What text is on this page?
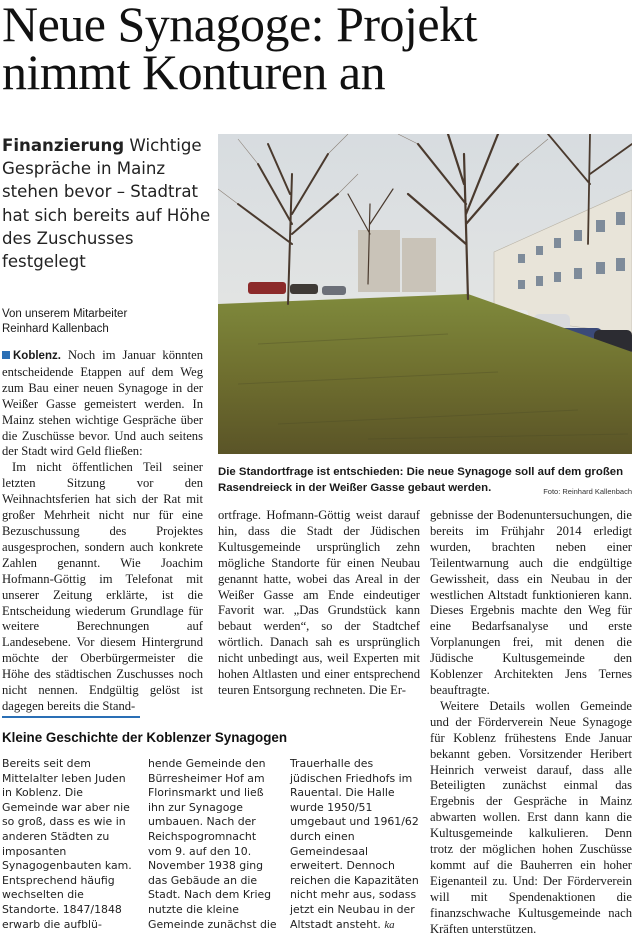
Neue Synagoge: Projekt
nimmt Konturen an
Finanzierung Wichtige Gespräche in Mainz stehen bevor – Stadtrat hat sich bereits auf Höhe des Zuschusses festgelegt
Von unserem Mitarbeiter
Reinhard Kallenbach

Koblenz. Noch im Januar könnten entscheidende Etappen auf dem Weg zum Bau einer neuen Synagoge in der Weißer Gasse gemeistert werden. In Mainz stehen wichtige Gespräche über die Zuschüsse bevor. Und auch seitens der Stadt wird Geld fließen:

Im nicht öffentlichen Teil seiner letzten Sitzung vor den Weihnachtsferien hat sich der Rat mit großer Mehrheit nicht nur für eine Bezuschussung des Projektes ausgesprochen, sondern auch konkrete Zahlen genannt. Wie Joachim Hofmann-Göttig im Telefonat mit unserer Zeitung erklärte, ist die Entscheidung wiederum Grundlage für weitere Berechnungen auf Landesebene. Vor diesem Hintergrund möchte der Oberbürgermeister die Höhe des städtischen Zuschusses noch nicht nennen. Endgültig gelöst ist dagegen bereits die Stand-

Die Standortfrage ist entschieden: Die neue Synagoge soll auf dem großen Rasendreieck in der Weißer Gasse gebaut werden.	Foto: Reinhard Kallenbach

ortfrage. Hofmann-Göttig weist darauf hin, dass die Stadt der Jüdischen Kultusgemeinde ursprünglich zehn mögliche Standorte für einen Neubau genannt hatte, wobei das Areal in der Weißer Gasse am Ende eindeutiger Favorit war. „Das Grundstück kann bebaut werden“, so der Stadtchef wörtlich. Danach sah es ursprünglich nicht unbedingt aus, weil Experten mit hohen Altlasten und einer entsprechend teuren Entsorgung rechneten. Die Er-

gebnisse der Bodenuntersuchungen, die bereits im Frühjahr 2014 erledigt wurden, brachten neben einer Teilentwarnung auch die endgültige Gewissheit, dass ein Neubau in der westlichen Altstadt funktionieren kann. Dieses Ergebnis machte den Weg für eine Bedarfsanalyse und erste Vorplanungen frei, mit denen die Jüdische Kultusgemeinde den Koblenzer Architekten Jens Ternes beauftragte.

Weitere Details wollen Gemeinde und der Förderverein Neue Synagoge für Koblenz frühestens Ende Januar bekannt geben. Vorsitzender Heribert Heinrich verweist darauf, dass alle Beteiligten zunächst einmal das Ergebnis der Gespräche in Mainz abwarten wollen. Erst dann kann die Kultusgemeinde kalkulieren. Denn trotz der möglichen hohen Zuschüsse kommt auf die Bauherren ein hoher Eigenanteil zu. Und: Der Förderverein will mit Spendenaktionen die finanzschwache Kultusgemeinde nach Kräften unterstützen.

Kleine Geschichte der Koblenzer Synagogen

Bereits seit dem Mittelalter leben Juden in Koblenz. Die Gemeinde war aber nie so groß, dass es wie in anderen Städten zu imposanten Synagogenbauten kam. Entsprechend häufig wechselten die Standorte. 1847/1848 erwarb die aufblü-

hende Gemeinde den Bürresheimer Hof am Florinsmarkt und ließ ihn zur Synagoge umbauen. Nach der Reichspogromnacht vom 9. auf den 10. November 1938 ging das Gebäude an die Stadt. Nach dem Krieg nutzte die kleine Gemeinde zunächst die

Trauerhalle des jüdischen Friedhofs im Rauental. Die Halle wurde 1950/51 umgebaut und 1961/62 durch einen Gemeindesaal erweitert. Dennoch reichen die Kapazitäten nicht mehr aus, sodass jetzt ein Neubau in der Altstadt ansteht. ka
